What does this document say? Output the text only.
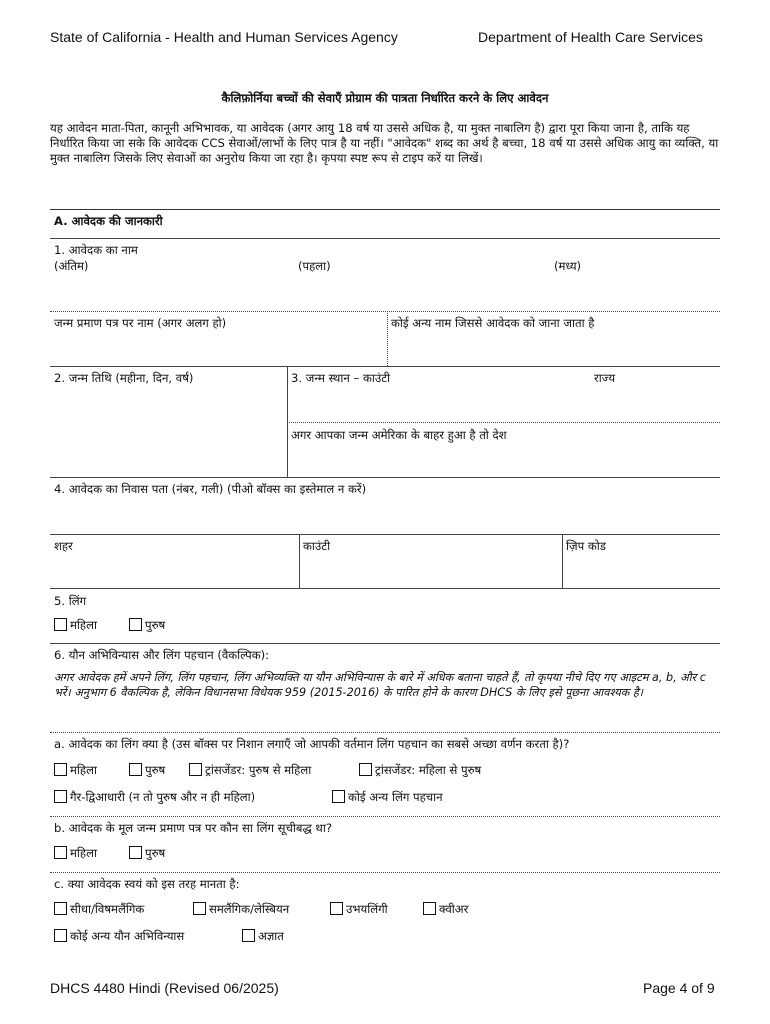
State of California - Health and Human Services Agency	Department of Health Care Services
कैलिफ़ोर्निया बच्चों की सेवाएँ प्रोग्राम की पात्रता निर्धारित करने के लिए आवेदन
यह आवेदन माता-पिता, कानूनी अभिभावक, या आवेदक (अगर आयु 18 वर्ष या उससे अधिक है, या मुक्त नाबालिग है) द्वारा पूरा किया जाना है, ताकि यह निर्धारित किया जा सके कि आवेदक CCS सेवाओं/लाभों के लिए पात्र है या नहीं। "आवेदक" शब्द का अर्थ है बच्चा, 18 वर्ष या उससे अधिक आयु का व्यक्ति, या मुक्त नाबालिग जिसके लिए सेवाओं का अनुरोध किया जा रहा है। कृपया स्पष्ट रूप से टाइप करें या लिखें।
A. आवेदक की जानकारी
1. आवेदक का नाम
(अंतिम)	(पहला)	(मध्य)
जन्म प्रमाण पत्र पर नाम (अगर अलग हो)	कोई अन्य नाम जिससे आवेदक को जाना जाता है
2. जन्म तिथि (महीना, दिन, वर्ष)	3. जन्म स्थान – काउंटी	राज्य
अगर आपका जन्म अमेरिका के बाहर हुआ है तो देश
4. आवेदक का निवास पता (नंबर, गली) (पीओ बॉक्स का इस्तेमाल न करें)
शहर	काउंटी	ज़िप कोड
5. लिंग
महिला	पुरुष
6. यौन अभिविन्यास और लिंग पहचान (वैकल्पिक):
अगर आवेदक हमें अपने लिंग, लिंग पहचान, लिंग अभिव्यक्ति या यौन अभिविन्यास के बारे में अधिक बताना चाहते हैं, तो कृपया नीचे दिए गए आइटम a, b, और c भरें। अनुभाग 6 वैकल्पिक है, लेकिन विधानसभा विधेयक 959 (2015-2016) के पारित होने के कारण DHCS के लिए इसे पूछना आवश्यक है।
a. आवेदक का लिंग क्या है (उस बॉक्स पर निशान लगाएँ जो आपकी वर्तमान लिंग पहचान का सबसे अच्छा वर्णन करता है)?
महिला	पुरुष	ट्रांसजेंडर: पुरुष से महिला	ट्रांसजेंडर: महिला से पुरुष
गैर-द्विआधारी (न तो पुरुष और न ही महिला)	कोई अन्य लिंग पहचान
b. आवेदक के मूल जन्म प्रमाण पत्र पर कौन सा लिंग सूचीबद्ध था?
महिला	पुरुष
c. क्या आवेदक स्वयं को इस तरह मानता है:
सीधा/विषमलैंगिक	समलैंगिक/लेस्बियन	उभयलिंगी	क्वीअर
कोई अन्य यौन अभिविन्यास	अज्ञात
DHCS 4480 Hindi (Revised 06/2025)	Page 4 of 9
